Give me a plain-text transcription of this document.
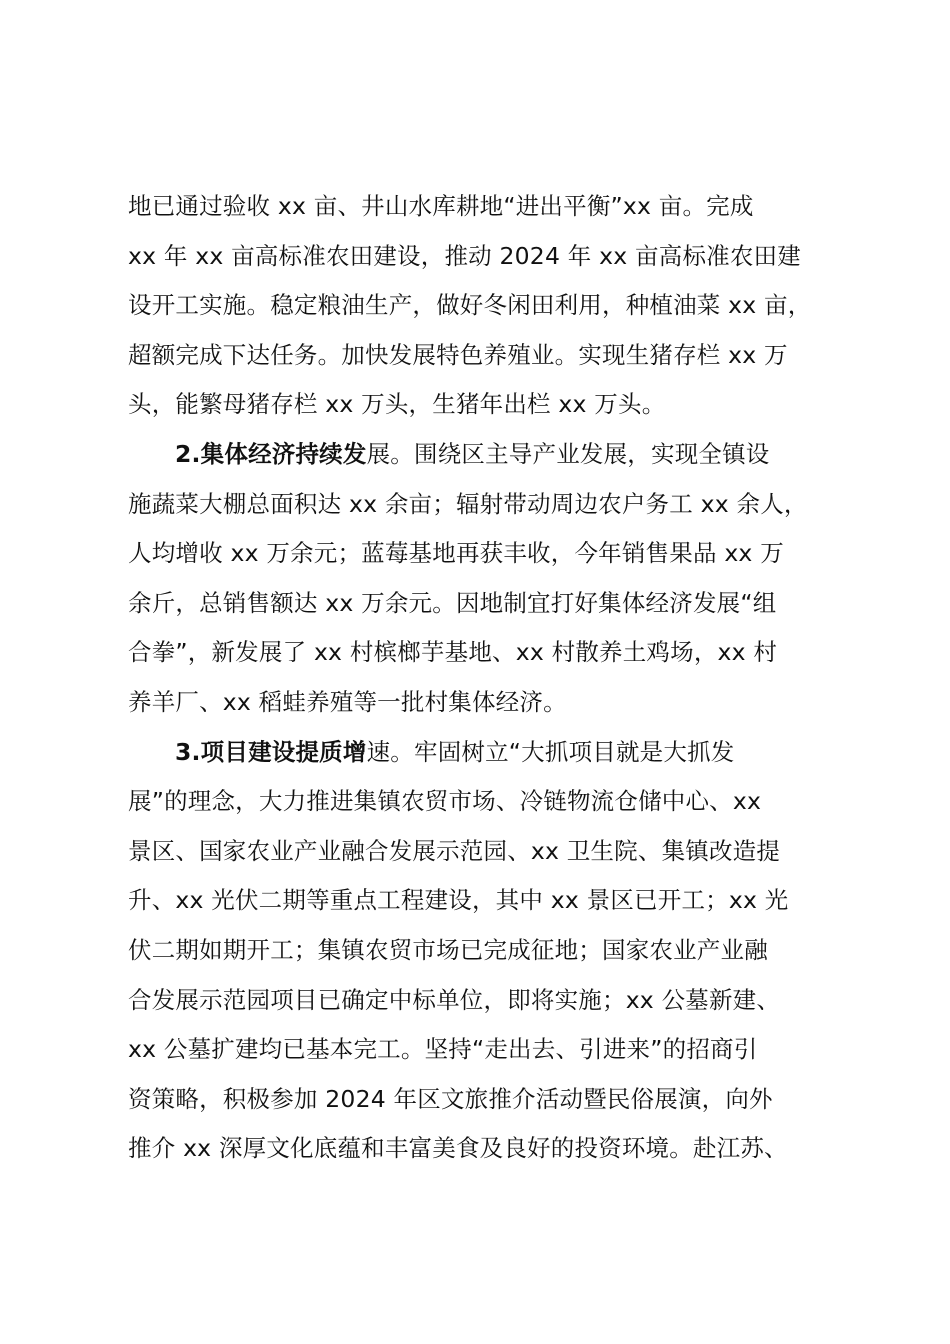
地已通过验收 xx 亩、井山水库耕地“进出平衡”xx 亩。完成
xx 年 xx 亩高标准农田建设，推动 2024 年 xx 亩高标准农田建
设开工实施。稳定粮油生产，做好冬闲田利用，种植油菜 xx 亩，
超额完成下达任务。加快发展特色养殖业。实现生猪存栏 xx 万
头，能繁母猪存栏 xx 万头，生猪年出栏 xx 万头。
2.集体经济持续发展。围绕区主导产业发展，实现全镇设
施蔬菜大棚总面积达 xx 余亩；辐射带动周边农户务工 xx 余人，
人均增收 xx 万余元；蓝莓基地再获丰收，今年销售果品 xx 万
余斤，总销售额达 xx 万余元。因地制宜打好集体经济发展“组
合拳”，新发展了 xx 村槟榔芋基地、xx 村散养土鸡场，xx 村
养羊厂、xx 稻蛙养殖等一批村集体经济。
3.项目建设提质增速。牢固树立“大抓项目就是大抓发
展”的理念，大力推进集镇农贸市场、冷链物流仓储中心、xx
景区、国家农业产业融合发展示范园、xx 卫生院、集镇改造提
升、xx 光伏二期等重点工程建设，其中 xx 景区已开工；xx 光
伏二期如期开工；集镇农贸市场已完成征地；国家农业产业融
合发展示范园项目已确定中标单位，即将实施；xx 公墓新建、
xx 公墓扩建均已基本完工。坚持“走出去、引进来”的招商引
资策略，积极参加 2024 年区文旅推介活动暨民俗展演，向外
推介 xx 深厚文化底蕴和丰富美食及良好的投资环境。赴江苏、
